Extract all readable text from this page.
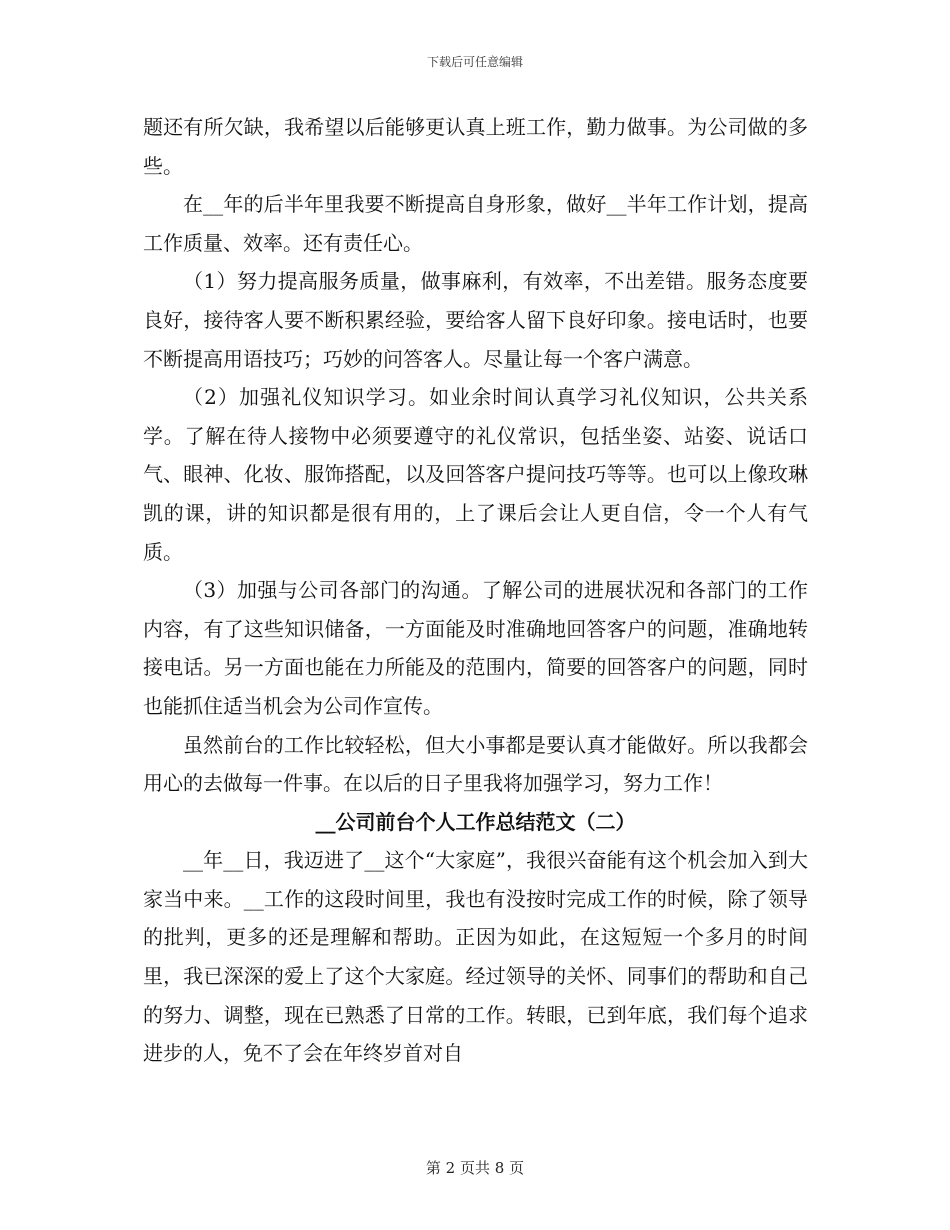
下载后可任意编辑

题还有所欠缺，我希望以后能够更认真上班工作，勤力做事。为公司做的多些。

在__年的后半年里我要不断提高自身形象，做好__半年工作计划，提高工作质量、效率。还有责任心。

（1）努力提高服务质量，做事麻利，有效率，不出差错。服务态度要良好，接待客人要不断积累经验，要给客人留下良好印象。接电话时，也要不断提高用语技巧；巧妙的问答客人。尽量让每一个客户满意。

（2）加强礼仪知识学习。如业余时间认真学习礼仪知识，公共关系学。了解在待人接物中必须要遵守的礼仪常识，包括坐姿、站姿、说话口气、眼神、化妆、服饰搭配，以及回答客户提问技巧等等。也可以上像玫琳凯的课，讲的知识都是很有用的，上了课后会让人更自信，令一个人有气质。

（3）加强与公司各部门的沟通。了解公司的进展状况和各部门的工作内容，有了这些知识储备，一方面能及时准确地回答客户的问题，准确地转接电话。另一方面也能在力所能及的范围内，简要的回答客户的问题，同时也能抓住适当机会为公司作宣传。

虽然前台的工作比较轻松，但大小事都是要认真才能做好。所以我都会用心的去做每一件事。在以后的日子里我将加强学习，努力工作！

__公司前台个人工作总结范文（二）

__年__日，我迈进了__这个“大家庭”，我很兴奋能有这个机会加入到大家当中来。__工作的这段时间里，我也有没按时完成工作的时候，除了领导的批判，更多的还是理解和帮助。正因为如此，在这短短一个多月的时间里，我已深深的爱上了这个大家庭。经过领导的关怀、同事们的帮助和自己的努力、调整，现在已熟悉了日常的工作。转眼，已到年底，我们每个追求进步的人，免不了会在年终岁首对自

第 2 页共 8 页
